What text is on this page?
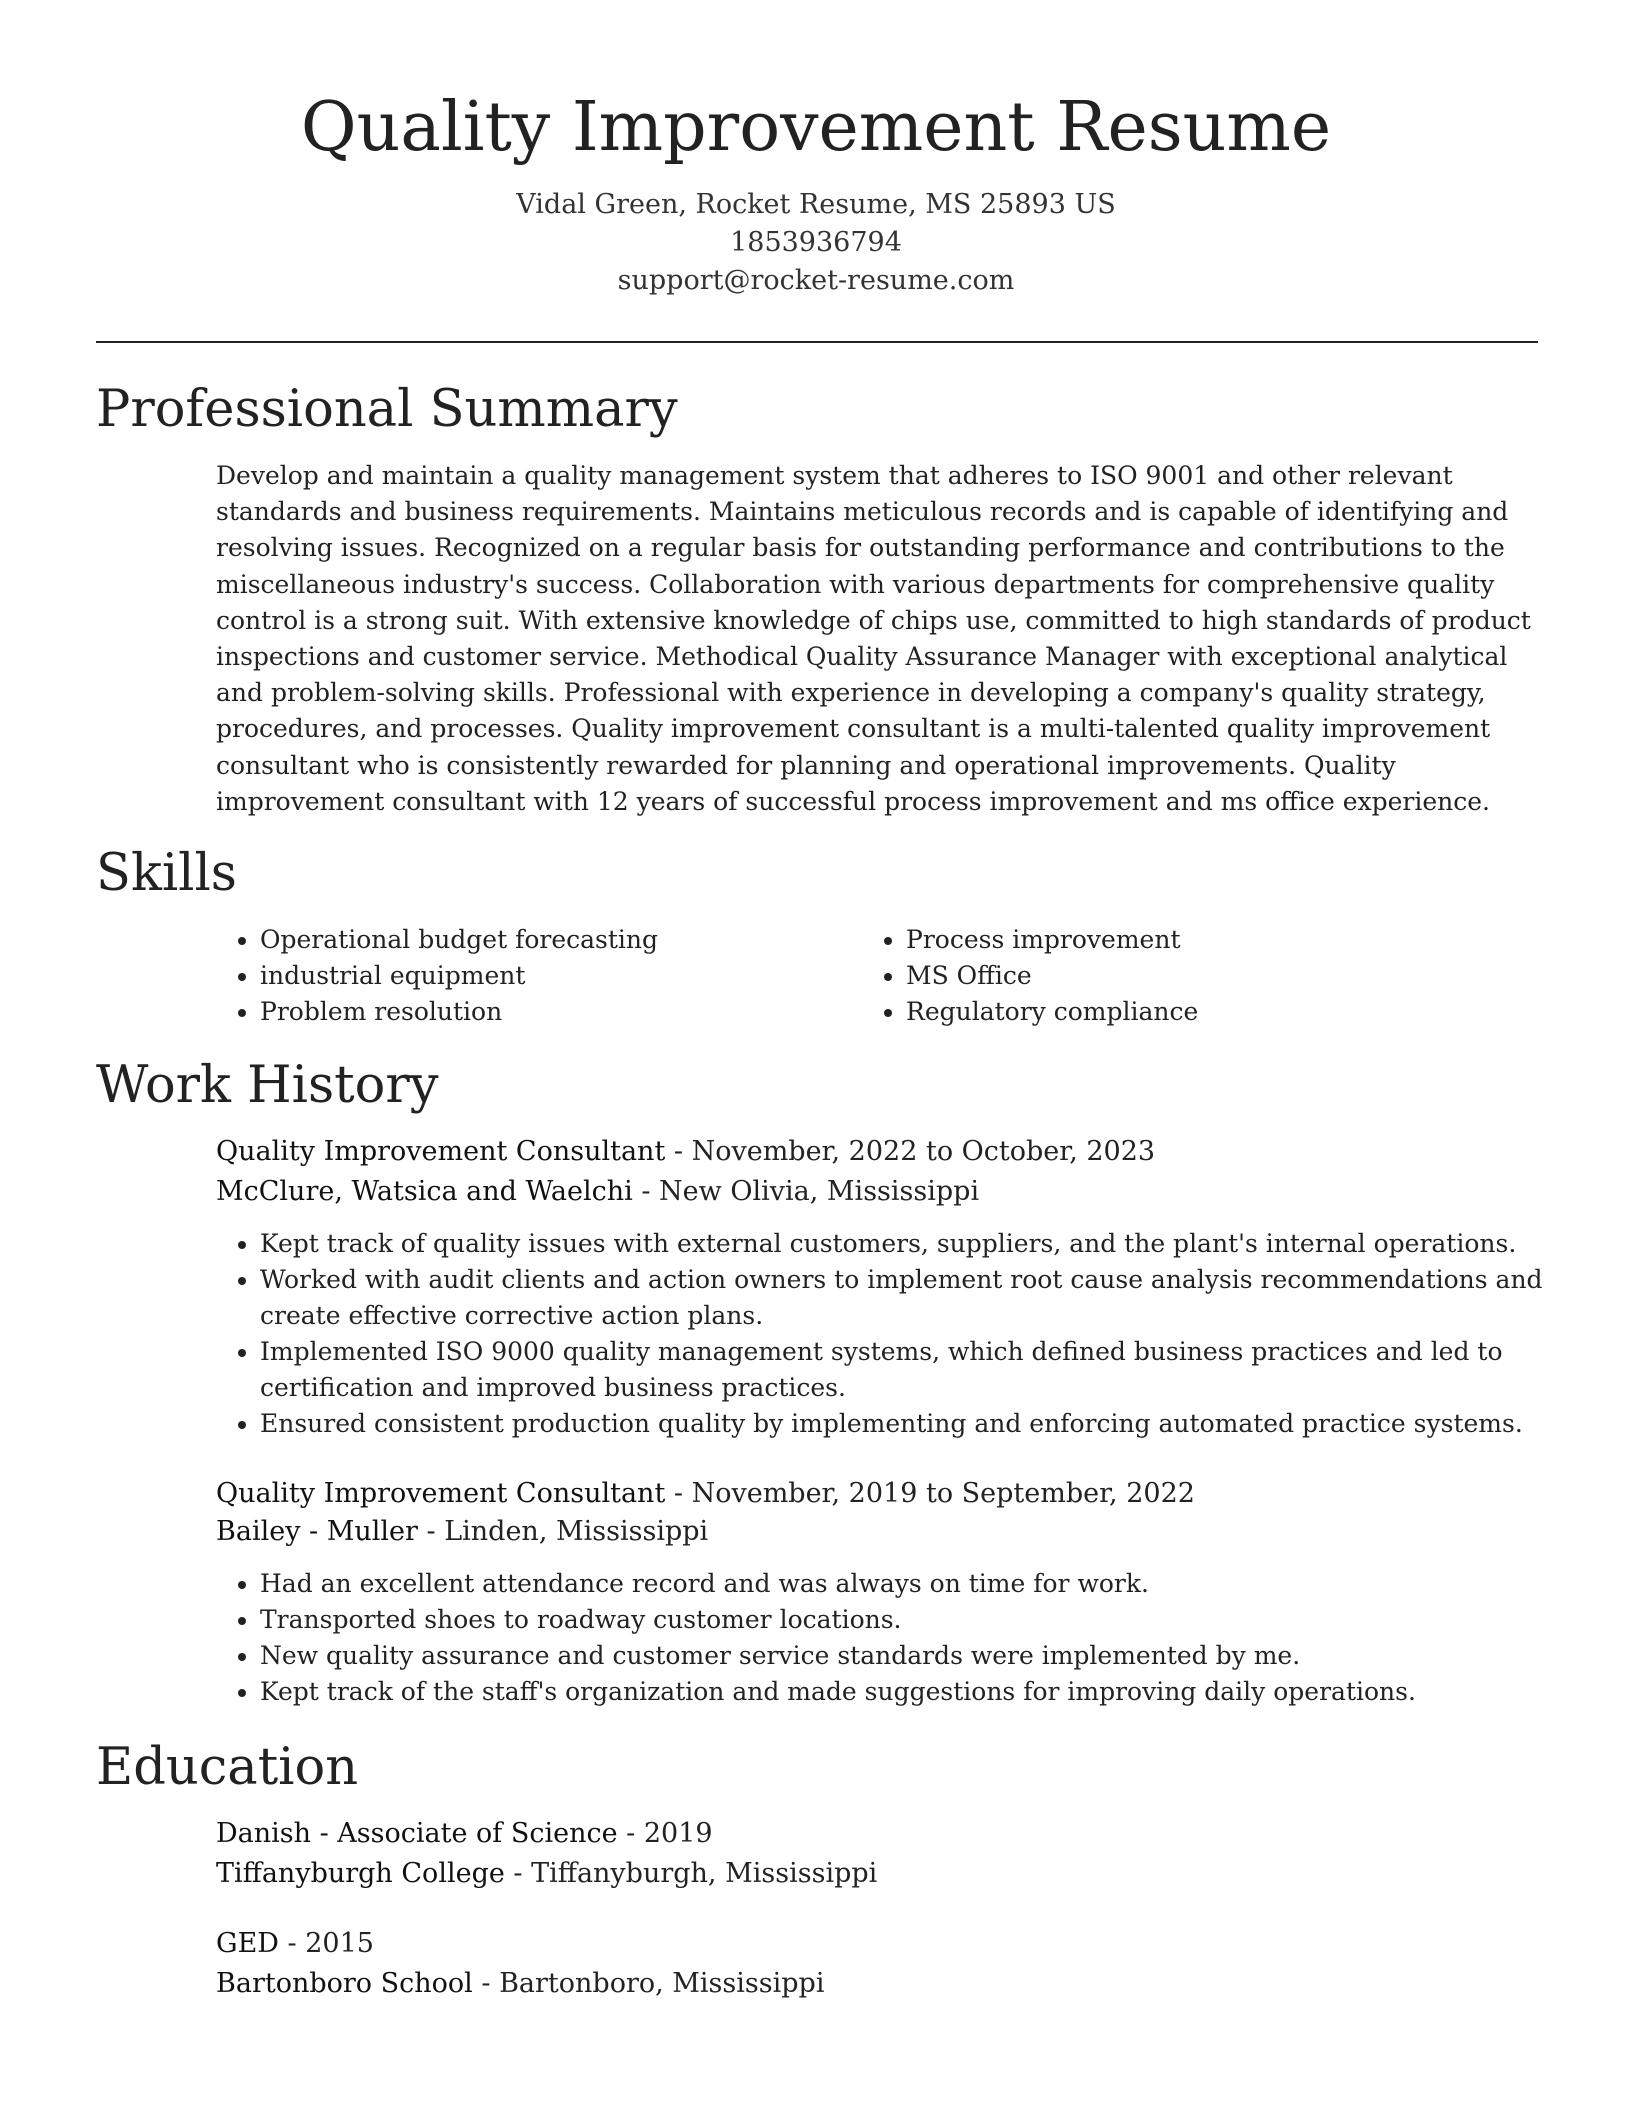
Quality Improvement Resume
Vidal Green, Rocket Resume, MS 25893 US
1853936794
support@rocket-resume.com
Professional Summary

Develop and maintain a quality management system that adheres to ISO 9001 and other relevant standards and business requirements. Maintains meticulous records and is capable of identifying and resolving issues. Recognized on a regular basis for outstanding performance and contributions to the miscellaneous industry's success. Collaboration with various departments for comprehensive quality control is a strong suit. With extensive knowledge of chips use, committed to high standards of product inspections and customer service. Methodical Quality Assurance Manager with exceptional analytical and problem-solving skills. Professional with experience in developing a company's quality strategy, procedures, and processes. Quality improvement consultant is a multi-talented quality improvement consultant who is consistently rewarded for planning and operational improvements. Quality improvement consultant with 12 years of successful process improvement and ms office experience.

Skills
• Operational budget forecasting
• industrial equipment
• Problem resolution
• Process improvement
• MS Office
• Regulatory compliance
Work History
Quality Improvement Consultant - November, 2022 to October, 2023
McClure, Watsica and Waelchi - New Olivia, Mississippi
• Kept track of quality issues with external customers, suppliers, and the plant's internal operations.
• Worked with audit clients and action owners to implement root cause analysis recommendations and create effective corrective action plans.
• Implemented ISO 9000 quality management systems, which defined business practices and led to certification and improved business practices.
• Ensured consistent production quality by implementing and enforcing automated practice systems.
Quality Improvement Consultant - November, 2019 to September, 2022
Bailey - Muller - Linden, Mississippi
• Had an excellent attendance record and was always on time for work.
• Transported shoes to roadway customer locations.
• New quality assurance and customer service standards were implemented by me.
• Kept track of the staff's organization and made suggestions for improving daily operations.
Education
Danish - Associate of Science - 2019
Tiffanyburgh College - Tiffanyburgh, Mississippi
GED - 2015
Bartonboro School - Bartonboro, Mississippi
